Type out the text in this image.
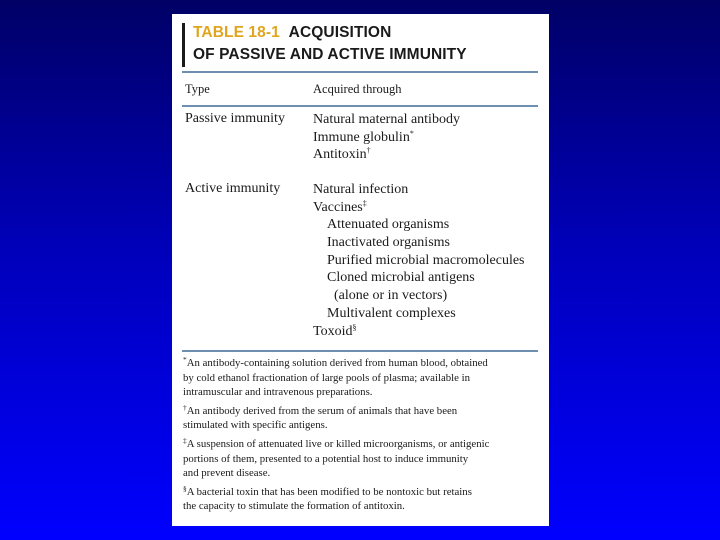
TABLE 18-1 ACQUISITION
OF PASSIVE AND ACTIVE IMMUNITY
Type	Acquired through
Passive immunity Natural maternal antibody
Immune globulin*
Antitoxin†
Active immunity Natural infection
Vaccines‡
Attenuated organisms
Inactivated organisms
Purified microbial macromolecules
Cloned microbial antigens
(alone or in vectors)
Multivalent complexes
Toxoid§

*An antibody-containing solution derived from human blood, obtained
by cold ethanol fractionation of large pools of plasma; available in
intramuscular and intravenous preparations.

†An antibody derived from the serum of animals that have been
stimulated with specific antigens.

‡A suspension of attenuated live or killed microorganisms, or antigenic
portions of them, presented to a potential host to induce immunity
and prevent disease.

§A bacterial toxin that has been modified to be nontoxic but retains
the capacity to stimulate the formation of antitoxin.
